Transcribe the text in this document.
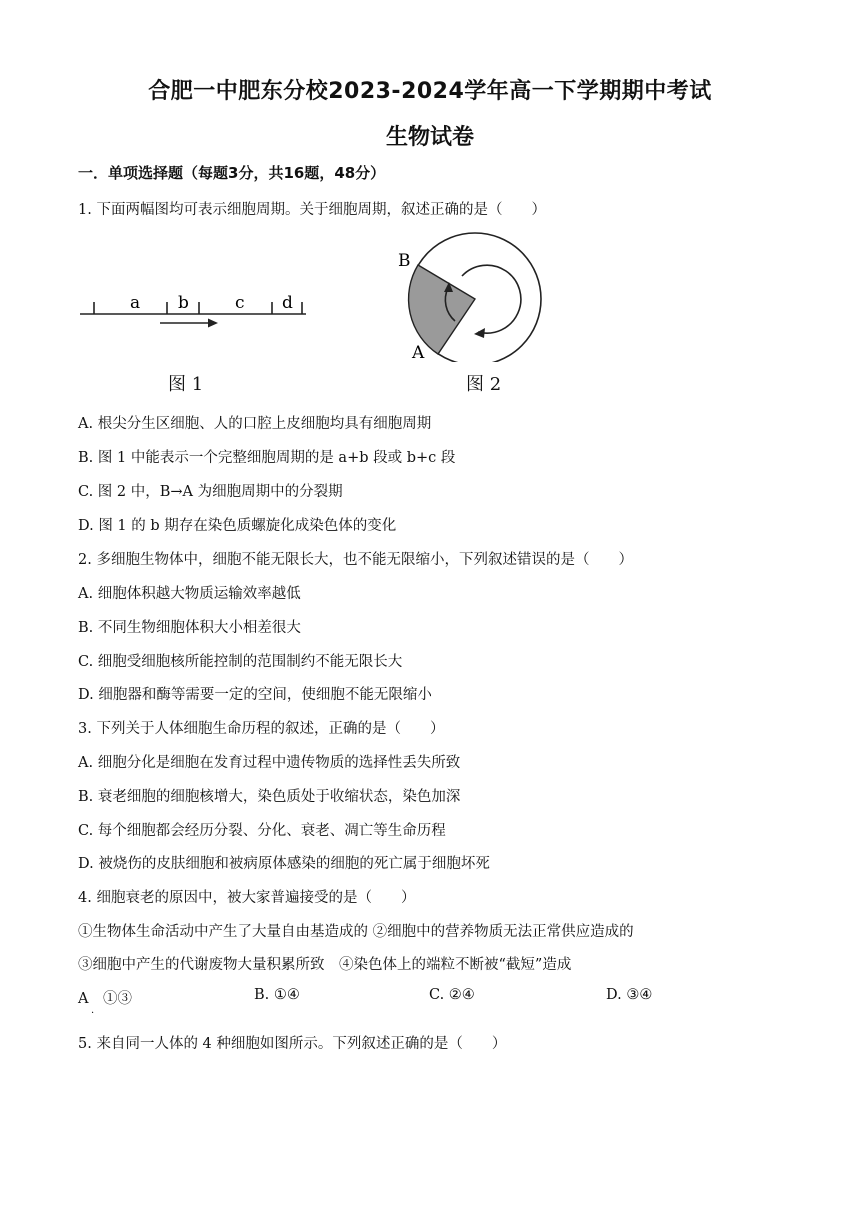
合肥一中肥东分校2023-2024学年高一下学期期中考试
生物试卷
一．单项选择题（每题3分，共16题，48分）
1. 下面两幅图均可表示细胞周期。关于细胞周期，叙述正确的是（　　）
a b	c d
图 1
B
A
图 2
A. 根尖分生区细胞、人的口腔上皮细胞均具有细胞周期
B. 图 1 中能表示一个完整细胞周期的是 a+b 段或 b+c 段
C. 图 2 中，B→A 为细胞周期中的分裂期
D. 图 1 的 b 期存在染色质螺旋化成染色体的变化
2. 多细胞生物体中，细胞不能无限长大，也不能无限缩小，下列叙述错误的是（　　）
A. 细胞体积越大物质运输效率越低
B. 不同生物细胞体积大小相差很大
C. 细胞受细胞核所能控制的范围制约不能无限长大
D. 细胞器和酶等需要一定的空间，使细胞不能无限缩小
3. 下列关于人体细胞生命历程的叙述，正确的是（　　）
A. 细胞分化是细胞在发育过程中遗传物质的选择性丢失所致
B. 衰老细胞的细胞核增大，染色质处于收缩状态，染色加深
C. 每个细胞都会经历分裂、分化、衰老、凋亡等生命历程
D. 被烧伤的皮肤细胞和被病原体感染的细胞的死亡属于细胞坏死
4. 细胞衰老的原因中，被大家普遍接受的是（　　）
①生物体生命活动中产生了大量自由基造成的 ②细胞中的营养物质无法正常供应造成的
③细胞中产生的代谢废物大量积累所致　④染色体上的端粒不断被“截短”造成
A　①③	B. ①④	C. ②④	D. ③④
·
5. 来自同一人体的 4 种细胞如图所示。下列叙述正确的是（　　）
